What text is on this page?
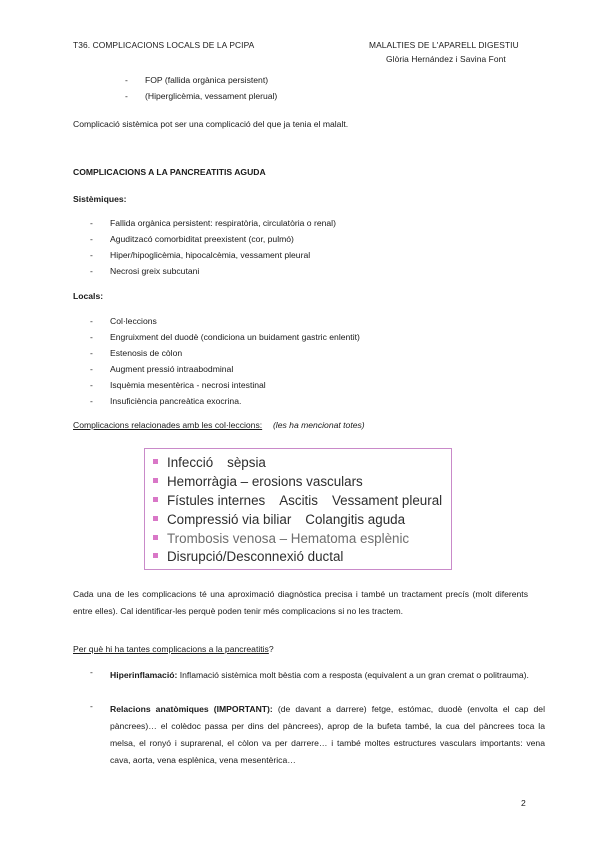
T36. COMPLICACIONS LOCALS DE LA PCIPA	MALALTIES DE L'APARELL DIGESTIU
Glòria Hernández i Savina Font
- FOP (fallida orgànica persistent)
- (Hiperglicèmia, vessament plerual)
Complicació sistèmica pot ser una complicació del que ja tenia el malalt.
COMPLICACIONS A LA PANCREATITIS AGUDA
Sistèmiques:
- Fallida orgànica persistent: respiratòria, circulatòria o renal)
- Aguditzacó comorbiditat preexistent (cor, pulmó)
- Hiper/hipoglicèmia, hipocalcèmia, vessament pleural
- Necrosi greix subcutani
Locals:
- Col·leccions
- Engruixment del duodè (condiciona un buidament gastric enlentit)
- Estenosis de còlon
- Augment pressió intraabodminal
- Isquèmia mesentèrica - necrosi intestinal
- Insuficiència pancreàtica exocrina.
Complicacions relacionades amb les col·leccions: (les ha mencionat totes)
Infecció sèpsia
Hemorràgia – erosions vasculars
Fístules internes Ascitis Vessament pleural
Compressió via biliar Colangitis aguda
Trombosis venosa – Hematoma esplènic
Disrupció/Desconnexió ductal
Cada una de les complicacions té una aproximació diagnòstica precisa i també un tractament precís (molt diferents entre elles). Cal identificar-les perquè poden tenir més complicacions si no les tractem.
Per què hi ha tantes complicacions a la pancreatitis?
- Hiperinflamació: Inflamació sistèmica molt bèstia com a resposta (equivalent a un gran cremat o politrauma).
- Relacions anatòmiques (IMPORTANT): (de davant a darrere) fetge, estómac, duodè (envolta el cap del pàncrees)… el colèdoc passa per dins del pàncrees), aprop de la bufeta també, la cua del pàncrees toca la melsa, el ronyó i suprarenal, el còlon va per darrere… i també moltes estructures vasculars importants: vena cava, aorta, vena esplènica, vena mesentèrica…
2
